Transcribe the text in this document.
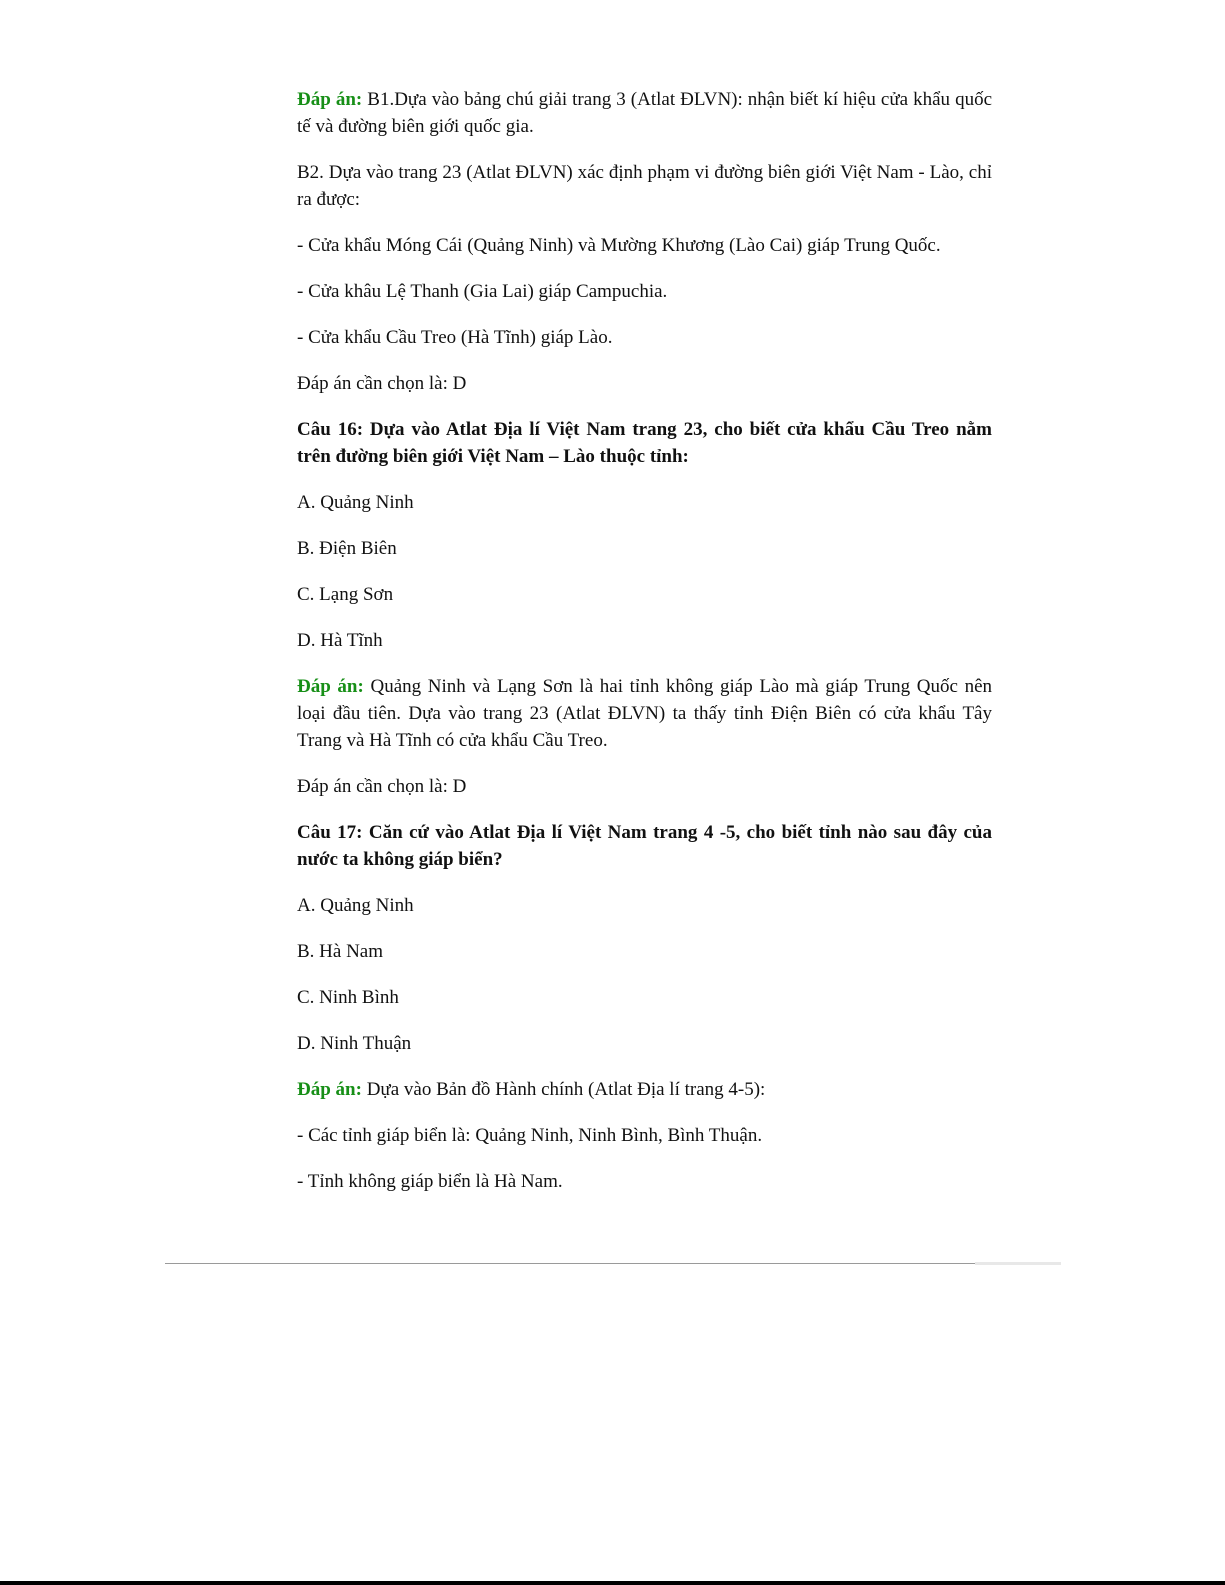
Đáp án: B1.Dựa vào bảng chú giải trang 3 (Atlat ĐLVN): nhận biết kí hiệu cửa khẩu quốc tế và đường biên giới quốc gia.

B2. Dựa vào trang 23 (Atlat ĐLVN) xác định phạm vi đường biên giới Việt Nam - Lào, chỉ ra được:

- Cửa khẩu Móng Cái (Quảng Ninh) và Mường Khương (Lào Cai) giáp Trung Quốc.

- Cửa khâu Lệ Thanh (Gia Lai) giáp Campuchia.

- Cửa khẩu Cầu Treo (Hà Tĩnh) giáp Lào.

Đáp án cần chọn là: D

Câu 16: Dựa vào Atlat Địa lí Việt Nam trang 23, cho biết cửa khẩu Cầu Treo nằm trên đường biên giới Việt Nam – Lào thuộc tỉnh:

A. Quảng Ninh

B. Điện Biên

C. Lạng Sơn

D. Hà Tĩnh

Đáp án: Quảng Ninh và Lạng Sơn là hai tỉnh không giáp Lào mà giáp Trung Quốc nên loại đầu tiên. Dựa vào trang 23 (Atlat ĐLVN) ta thấy tỉnh Điện Biên có cửa khẩu Tây Trang và Hà Tĩnh có cửa khẩu Cầu Treo.

Đáp án cần chọn là: D

Câu 17: Căn cứ vào Atlat Địa lí Việt Nam trang 4 -5, cho biết tỉnh nào sau đây của nước ta không giáp biển?

A. Quảng Ninh

B. Hà Nam

C. Ninh Bình

D. Ninh Thuận

Đáp án: Dựa vào Bản đồ Hành chính (Atlat Địa lí trang 4-5):

- Các tỉnh giáp biển là: Quảng Ninh, Ninh Bình, Bình Thuận.

- Tỉnh không giáp biển là Hà Nam.
